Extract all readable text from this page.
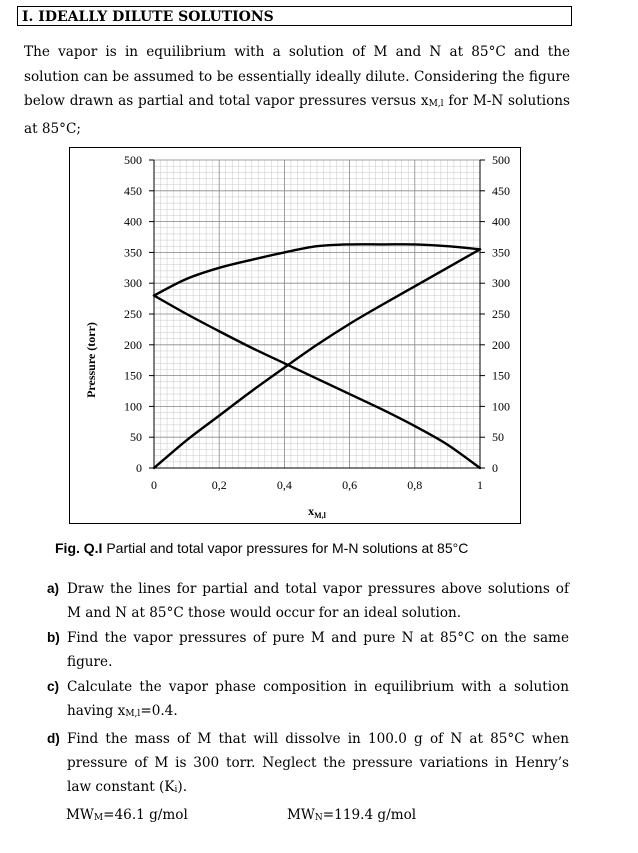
I. IDEALLY DILUTE SOLUTIONS

The vapor is in equilibrium with a solution of M and N at 85°C and the solution can be assumed to be essentially ideally dilute. Considering the figure below drawn as partial and total vapor pressures versus xM,l for M-N solutions at 85°C;

0
50
100
150
200
250
300
350
400
450
500
0
50
100
150
200
250
300
350
400
450
500
0	0,2	0,4	0,6	0,8	1
Pressure (torr)
$x_{M,l}$
Fig. Q.I Partial and total vapor pressures for M-N solutions at 85°C
a) Draw the lines for partial and total vapor pressures above solutions of M and N at 85°C those would occur for an ideal solution.
b) Find the vapor pressures of pure M and pure N at 85°C on the same figure.
c) Calculate the vapor phase composition in equilibrium with a solution having xM,l=0.4.
d) Find the mass of M that will dissolve in 100.0 g of N at 85°C when pressure of M is 300 torr. Neglect the pressure variations in Henry’s law constant (Ki).
MWM=46.1 g/mol	MWN=119.4 g/mol
